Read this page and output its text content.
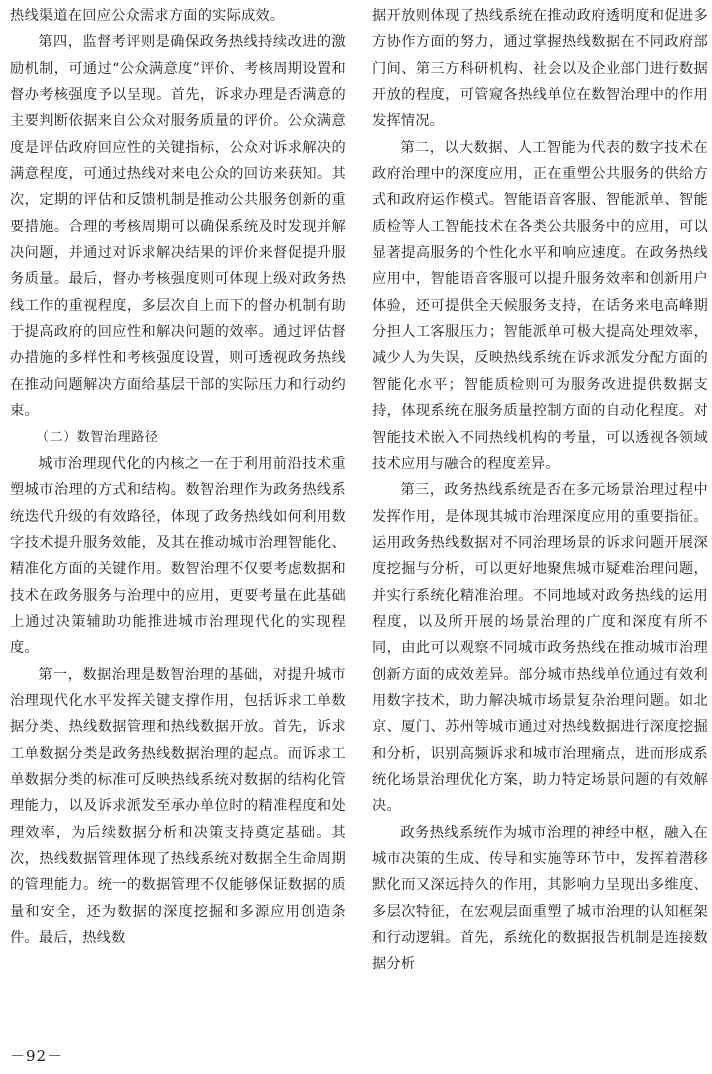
热线渠道在回应公众需求方面的实际成效。

第四，监督考评则是确保政务热线持续改进的激励机制，可通过“公众满意度”评价、考核周期设置和督办考核强度予以呈现。首先，诉求办理是否满意的主要判断依据来自公众对服务质量的评价。公众满意度是评估政府回应性的关键指标，公众对诉求解决的满意程度，可通过热线对来电公众的回访来获知。其次，定期的评估和反馈机制是推动公共服务创新的重要措施。合理的考核周期可以确保系统及时发现并解决问题，并通过对诉求解决结果的评价来督促提升服务质量。最后，督办考核强度则可体现上级对政务热线工作的重视程度，多层次自上而下的督办机制有助于提高政府的回应性和解决问题的效率。通过评估督办措施的多样性和考核强度设置，则可透视政务热线在推动问题解决方面给基层干部的实际压力和行动约束。

（二）数智治理路径

城市治理现代化的内核之一在于利用前沿技术重塑城市治理的方式和结构。数智治理作为政务热线系统迭代升级的有效路径，体现了政务热线如何利用数字技术提升服务效能，及其在推动城市治理智能化、精准化方面的关键作用。数智治理不仅要考虑数据和技术在政务服务与治理中的应用，更要考量在此基础上通过决策辅助功能推进城市治理现代化的实现程度。

第一，数据治理是数智治理的基础，对提升城市治理现代化水平发挥关键支撑作用，包括诉求工单数据分类、热线数据管理和热线数据开放。首先，诉求工单数据分类是政务热线数据治理的起点。而诉求工单数据分类的标准可反映热线系统对数据的结构化管理能力，以及诉求派发至承办单位时的精准程度和处理效率，为后续数据分析和决策支持奠定基础。其次，热线数据管理体现了热线系统对数据全生命周期的管理能力。统一的数据管理不仅能够保证数据的质量和安全，还为数据的深度挖掘和多源应用创造条件。最后，热线数

据开放则体现了热线系统在推动政府透明度和促进多方协作方面的努力，通过掌握热线数据在不同政府部门间、第三方科研机构、社会以及企业部门进行数据开放的程度，可管窥各热线单位在数智治理中的作用发挥情况。

第二，以大数据、人工智能为代表的数字技术在政府治理中的深度应用，正在重塑公共服务的供给方式和政府运作模式。智能语音客服、智能派单、智能质检等人工智能技术在各类公共服务中的应用，可以显著提高服务的个性化水平和响应速度。在政务热线应用中，智能语音客服可以提升服务效率和创新用户体验，还可提供全天候服务支持，在话务来电高峰期分担人工客服压力；智能派单可极大提高处理效率，减少人为失误，反映热线系统在诉求派发分配方面的智能化水平；智能质检则可为服务改进提供数据支持，体现系统在服务质量控制方面的自动化程度。对智能技术嵌入不同热线机构的考量，可以透视各领域技术应用与融合的程度差异。

第三，政务热线系统是否在多元场景治理过程中发挥作用，是体现其城市治理深度应用的重要指征。运用政务热线数据对不同治理场景的诉求问题开展深度挖掘与分析，可以更好地聚焦城市疑难治理问题，并实行系统化精准治理。不同地域对政务热线的运用程度，以及所开展的场景治理的广度和深度有所不同，由此可以观察不同城市政务热线在推动城市治理创新方面的成效差异。部分城市热线单位通过有效利用数字技术，助力解决城市场景复杂治理问题。如北京、厦门、苏州等城市通过对热线数据进行深度挖掘和分析，识别高频诉求和城市治理痛点，进而形成系统化场景治理优化方案，助力特定场景问题的有效解决。

政务热线系统作为城市治理的神经中枢，融入在城市决策的生成、传导和实施等环节中，发挥着潜移默化而又深远持久的作用，其影响力呈现出多维度、多层次特征，在宏观层面重塑了城市治理的认知框架和行动逻辑。首先，系统化的数据报告机制是连接数据分析

－92－
